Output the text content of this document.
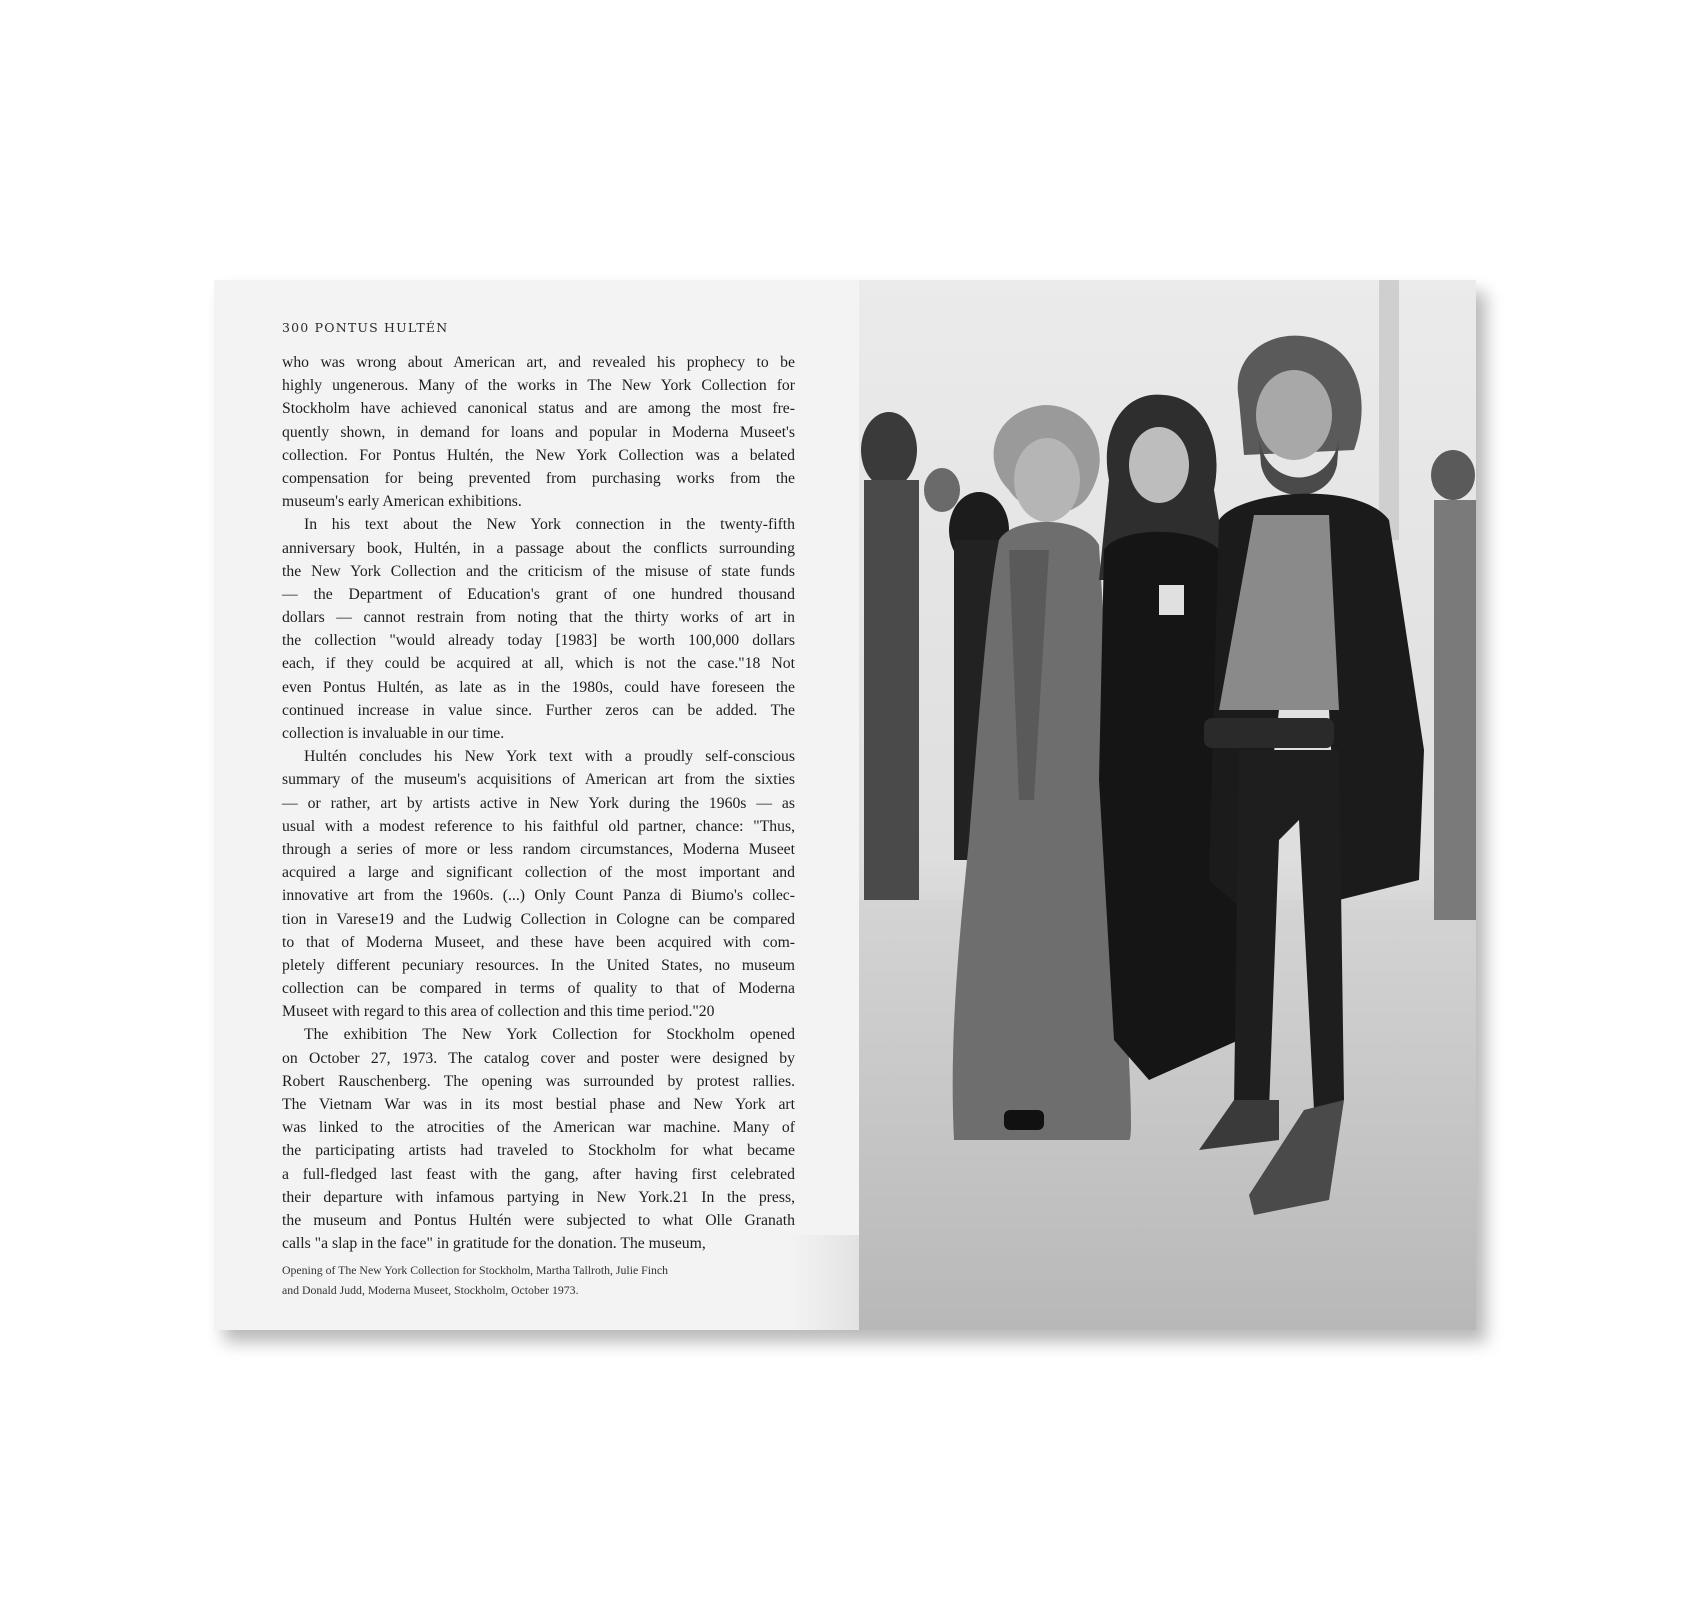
300 PONTUS HULTÉN
who was wrong about American art, and revealed his prophecy to be
highly ungenerous. Many of the works in The New York Collection for
Stockholm have achieved canonical status and are among the most fre-
quently shown, in demand for loans and popular in Moderna Museet's
collection. For Pontus Hultén, the New York Collection was a belated
compensation for being prevented from purchasing works from the
museum's early American exhibitions.
In his text about the New York connection in the twenty-fifth
anniversary book, Hultén, in a passage about the conflicts surrounding
the New York Collection and the criticism of the misuse of state funds
— the Department of Education's grant of one hundred thousand
dollars — cannot restrain from noting that the thirty works of art in
the collection "would already today [1983] be worth 100,000 dollars
each, if they could be acquired at all, which is not the case."18 Not
even Pontus Hultén, as late as in the 1980s, could have foreseen the
continued increase in value since. Further zeros can be added. The
collection is invaluable in our time.
Hultén concludes his New York text with a proudly self-conscious
summary of the museum's acquisitions of American art from the sixties
— or rather, art by artists active in New York during the 1960s — as
usual with a modest reference to his faithful old partner, chance: "Thus,
through a series of more or less random circumstances, Moderna Museet
acquired a large and significant collection of the most important and
innovative art from the 1960s. (...) Only Count Panza di Biumo's collec-
tion in Varese19 and the Ludwig Collection in Cologne can be compared
to that of Moderna Museet, and these have been acquired with com-
pletely different pecuniary resources. In the United States, no museum
collection can be compared in terms of quality to that of Moderna
Museet with regard to this area of collection and this time period."20
The exhibition The New York Collection for Stockholm opened
on October 27, 1973. The catalog cover and poster were designed by
Robert Rauschenberg. The opening was surrounded by protest rallies.
The Vietnam War was in its most bestial phase and New York art
was linked to the atrocities of the American war machine. Many of
the participating artists had traveled to Stockholm for what became
a full-fledged last feast with the gang, after having first celebrated
their departure with infamous partying in New York.21 In the press,
the museum and Pontus Hultén were subjected to what Olle Granath
calls "a slap in the face" in gratitude for the donation. The museum,
Opening of The New York Collection for Stockholm, Martha Tallroth, Julie Finch
and Donald Judd, Moderna Museet, Stockholm, October 1973.
